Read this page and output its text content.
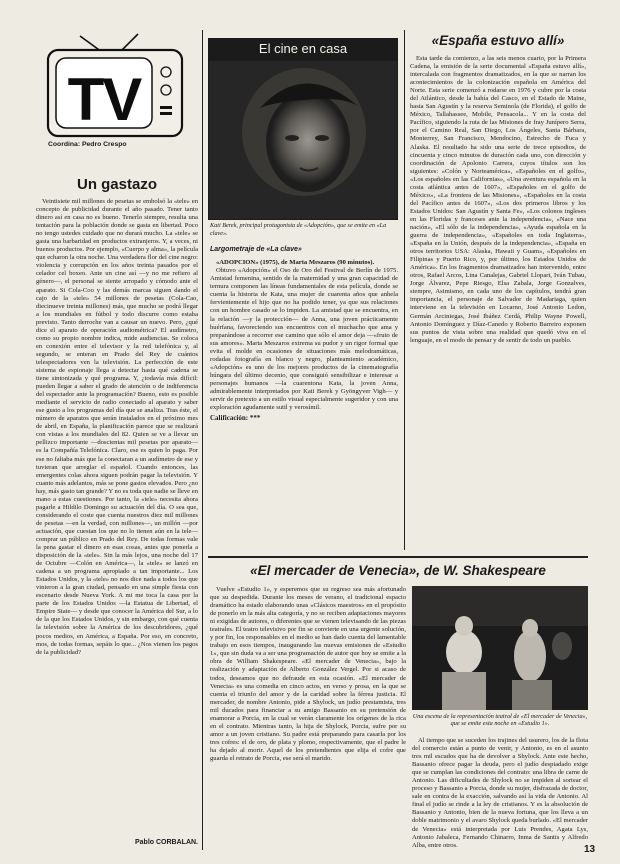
TV
Coordina: Pedro Crespo
Un gastazo

Veintisiete mil millones de pesetas se embolsó la «tele» en concepto de publicidad durante el año pasado. Tener tanto dinero así en casa no es bueno. Tenerlo siempre, resulta una tentación para la población donde se gasta en libertad. Poco no tengo ustedes cuidado que no durará mucho. La «tele» se gasta una barbaridad en productos extranjeros. Y, a veces, ni buenos productos. Por ejemplo, «Cuerpo y alma», la película que echaron la otra noche. Una verdadera flor del cine negro: violencia y corrupción en los años treinta pasados por el celador cel boxeo. Ante un cine así —y no me refiero al género—, el personal se siente arropado y cómodo ante el aparato. Si Cola-Coo y las demás marcas siguen dando el cajo de la «tele» 54 millones de pesetas (Cola-Cao, diecinueve treinta millones) más, que mucho se podrá llegar a los mundiales en fútbol y todo discurre como estaba previsto. Tanto derroche van a causar un nuevo. Pero, ¿qué dice el aparato de operación audiométrica? El audímetro, como su propio nombre indica, mide audiencias. Se coloca en conexión entre el televisor y la red telefónica y, al segundo, se enteran en Prado del Rey de cuántos telespectadores ven la televisión. La perfección de este sistema de espionaje llega a detectar hasta qué cadena se tiene sintonizada y qué programa. Y, ¿todavía más difícil: pueden llegar a saber el grado de atención o de indiferencia del espectador ante la programación? Bueno, esto es posible mediante el servicio de radio conectado al aparato y saber ese gusto a los programas del día que se analiza. Tras éste, el número de aparatos que serán instalados en el próximo mes de abril, en España, la planificación parece que se realizará con vistas a los mundiales del 82. Quien se ve a llevar un pellizco importante —doscientas mil pesetas por aparato— es la Compañía Telefónica. Claro, ese es quien lo paga. Por ese no faltaba más que la conectaran a un audímetro de ese y tuvieran que arreglar el español. Cuando entonces, las emergentes colas ahora siguen podrán pagar la televisión. Y cuanto más adelantos, más se pone gastos elevados. Pero ¿no hay, más gasto tan grande? Y no es toda que nadie se lleve en mano a estas cuestiones. Por tanto, la «tele» necesita ahora pagarle a Hildilo Domingo su actuación del día. O sea que, considerando el coste que cuenta nuestros diez mil millones de pesetas —en la verdad, con millones—, un millón —por actuación, que cuestan los que no lo tienen aún en la tele— comprar un público en Prado del Rey. De todas formas vale la pena gastar el dinero en esas cosas, antes que ponerla a disposición de la «tele». Sin la más lejos, una noche del 17 de Octubre —Colón en América—, la «tele» se lanzó en cadena a un programa apropiado a tan importante... Los Estados Unidos, y la «tele» no nos dice nada a todos los que vinieron a la gran ciudad, pensado en una simple fiesta con escenario desde Nueva York. A mi me toca la casa por la parte de los Estados Unidos —la Estatua de Libertad, el Empire State— y desde que conocer la América del Sur, a lo de la que los Estados Unidos, y sin embargo, con qué cuenta la televisión sobre la América de los descubridores, ¿qué pocos medios, en América, a España. Por eso, en concreto, mos, de todas formas, sepáis lo que... ¿Nos vienen los pagos de la publicidad?

Pablo CORBALAN.
El cine en casa
Kati Berek, principal protagonista de «Adopción», que se emite en «La clave».
Largometraje de «La clave»

«ADOPCION» (1975), de Marta Meszaros (90 minutos).

Obtuvo «Adopción» el Oso de Oro del Festival de Berlín de 1975. Amistad femenina, sentido de la maternidad y una gran capacidad de ternura componen las líneas fundamentales de esta película, donde se cuenta la historia de Kata, una mujer de cuarenta años que anhela fervientemente el hijo que no ha podido tener, ya que sus relaciones con un hombre casado se lo impiden. La amistad que se encuentra, en la relación —y la protección— de Anna, una joven prácticamente huérfana, favoreciendo sus encuentros con el muchacho que ama y preparándose a recorrer ese camino que sólo el amor deja —«fruto de sus amores». Marta Meszaros extrema su pudor y un rigor formal que evita el molde en ocasiones de situaciones más melodramáticas, rodadas fotografía en blanco y negro, planteamiento académico, «Adopción» es uno de los mejores productos de la cinematografía húngara del último decenio, que consiguió sensibilizar e interesar a personajes humanos —la cuarentona Kata, la joven Anna, admirablemente interpretados por Kati Berek y Gyöngyver Vigh— y servir de pretexto a un estilo visual especialmente sugeridor y con una exploración agudamente sutil y verosímil.

Calificación: ***
«España estuvo allí»

Esta tarde da comienzo, a las seis menos cuarto, por la Primera Cadena, la emisión de la serie documental «España estuvo allí», intercalada con fragmentos dramatizados, en la que se narran los acontecimientos de la colonización española en América del Norte. Esta serie comenzó a rodarse en 1976 y cubre por la costa del Atlántico, desde la bahía del Casco, en el Estado de Maine, hasta San Agustín y la reserva Seminola (de Florida), el golfo de México, Tallahassee, Mobile, Pensacola... Y en la costa del Pacífico, siguiendo la ruta de las Misiones de fray Junípero Serra, por el Camino Real, San Diego, Los Ángeles, Santa Bárbara, Monterrey, San Francisco, Mendocino, Estrecho de Fuca y Alaska. El resultado ha sido una serie de trece episodios, de cincuenta y cinco minutos de duración cada uno, con dirección y coordinación de Apolonio Carrera, cuyos títulos son los siguientes: «Colón y Norteamérica», «Españoles en el golfo», «Los españoles en las Californias», «Una aventura española en la costa atlántica antes de 1607», «Españoles en el golfo de México», «La frontera de las Misiones», «Españoles en la costa del Pacífico antes de 1607», «Los dos primeros libros y los Estados Unidos: San Agustín y Santa Fe», «Los colonos ingleses en las Floridas y franceses ante la independencia», «Nace una nación», «El sólo de la independencia», «Ayuda española en la guerra de independencia», «Españoles en toda Inglaterra», «España en la Unión, después de la independencia», «España en otros territorios USA: Alaska, Hawaii y Guam», «Españoles en Filipinas y Puerto Rico, y, por último, los Estados Unidos de América». En los fragmentos dramatizados han intervenido, entre otros, Rafael Arcos, Lina Canalejas, Gabriel Llopart, Iván Tubau, Jorge Álvarez, Pepe Riesgo, Elsa Zabala, Jorge Gonzalves, siempre, Asimismo, en cada uno de los capítulos, tendrá gran importancia, el personaje de Salvador de Madariaga, quien interviene en la televisión en Locarno, José Antonio Ledon, Germán Arciniegas, José Ibáñez Cerdá, Philip Wayne Powell, Antonio Domínguez y Díaz-Canedo y Roberto Barreiro exponen sus puntos de vista sobre una realidad que quedó viva en el lenguaje, en el modo de pensar y de sentir de todo un pueblo.

«El mercader de Venecia», de W. Shakespeare

Vuelve «Estudio 1», y esperemos que su regreso sea más afortunado que su despedida. Durante los meses de verano, el tradicional espacio dramático ha estado elaborando unas «Clásicos maestros» en el propósito de ponerlo en la más alta categoría, y no se reciben adaptaciones mayores ni exigidas de autores, o diferentes que se vienen televisando de las piezas teatrales. El teatro televisivo por fin se convierte en una urgente solución, y por fin, los responsables en el medio se han dado cuenta del lamentable trabajo en esos tiempos, inaugurando las nuevas emisiones de «Estudio 1», que sin duda va a ser una programación de autor que hoy se emite a la obra de William Shakespeare. «El mercader de Venecia», bajo la realización y adaptación de Alberto González Vergel. Por si acaso de todos, deseamos que no defraude en esta ocasión. «El mercader de Venecia» es una comedia en cinco actos, en verso y prosa, en la que se cuenta el triunfo del amor y de la caridad sobre la férrea justicia. El mercader, de nombre Antonio, pide a Shylock, un judío prestamista, tres mil ducados para financiar a su amigo Bassanio en su pretensión de enamorar a Porcia, en la cual se verán claramente los orígenes de la rica en el contrato. Mientras tanto, la hija de Shylock, Porcia, sufre por su amor a un joven cristiano. Su padre está preparando para casarla por los tres cofres: el de oro, de plata y plomo, respectivamente, que el padre le ha dejado al morir. Aquel de los pretendientes que elija el cofre que guarda el retrato de Porcia, ese será el marido.

Una escena de la representación teatral de «El mercader de Venecia», que se emite esta noche en «Estudio 1».

Al tiempo que se suceden los trajines del usurero, los de la flota del comercio están a punto de venir, y Antonio, es en el asunto tres mil escudos que ha de devolver a Shylock. Ante este hecho, Bassanio ofrece pagar la deuda, pero el judío despiadado exige que se cumplan las condiciones del contrato: una libra de carne de Antonio. Las dificultades de Shylock no se impiden al sortear el proceso y Bassanio a Porcia, donde su mujer, disfrazada de doctor, sale en contra de la exacción, salvando así la vida de Antonio. Al final el judío se rinde a la ley de cristianos. Y es la absolución de Bassanio y Antonio, bien de la nueva fortuna, que los lleva a un doble matrimonio y el avaro Shylock queda burlado. «El mercader de Venecia» está interpretada por Luis Prendes, Agata Lys, Antonio Jabaleca, Fernando Chinarro, Inma de Santis y Alfredo Alba, entre otros.	13
